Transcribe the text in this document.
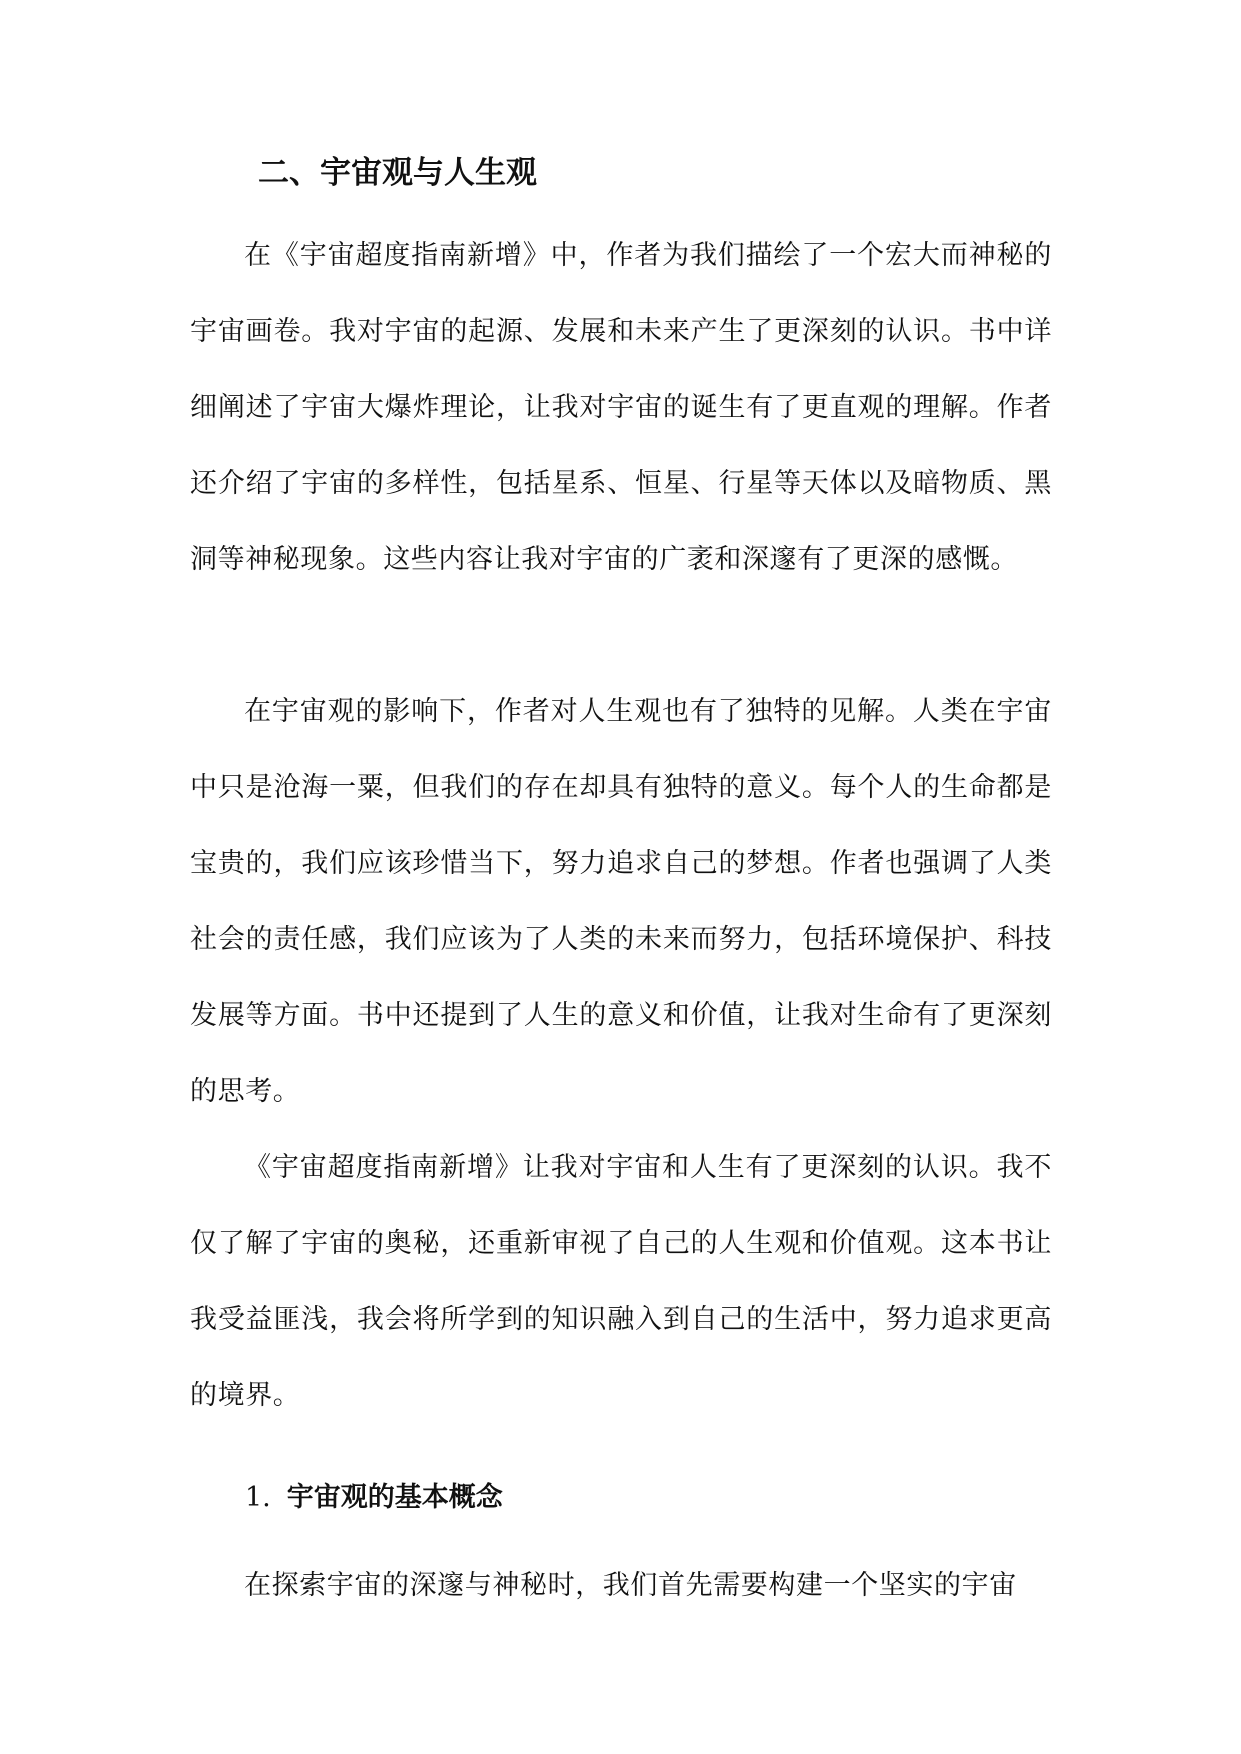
二、宇宙观与人生观

在《宇宙超度指南新增》中，作者为我们描绘了一个宏大而神秘的宇宙画卷。我对宇宙的起源、发展和未来产生了更深刻的认识。书中详细阐述了宇宙大爆炸理论，让我对宇宙的诞生有了更直观的理解。作者还介绍了宇宙的多样性，包括星系、恒星、行星等天体以及暗物质、黑洞等神秘现象。这些内容让我对宇宙的广袤和深邃有了更深的感慨。

在宇宙观的影响下，作者对人生观也有了独特的见解。人类在宇宙中只是沧海一粟，但我们的存在却具有独特的意义。每个人的生命都是宝贵的，我们应该珍惜当下，努力追求自己的梦想。作者也强调了人类社会的责任感，我们应该为了人类的未来而努力，包括环境保护、科技发展等方面。书中还提到了人生的意义和价值，让我对生命有了更深刻的思考。

《宇宙超度指南新增》让我对宇宙和人生有了更深刻的认识。我不仅了解了宇宙的奥秘，还重新审视了自己的人生观和价值观。这本书让我受益匪浅，我会将所学到的知识融入到自己的生活中，努力追求更高的境界。

1. 宇宙观的基本概念

在探索宇宙的深邃与神秘时，我们首先需要构建一个坚实的宇宙
